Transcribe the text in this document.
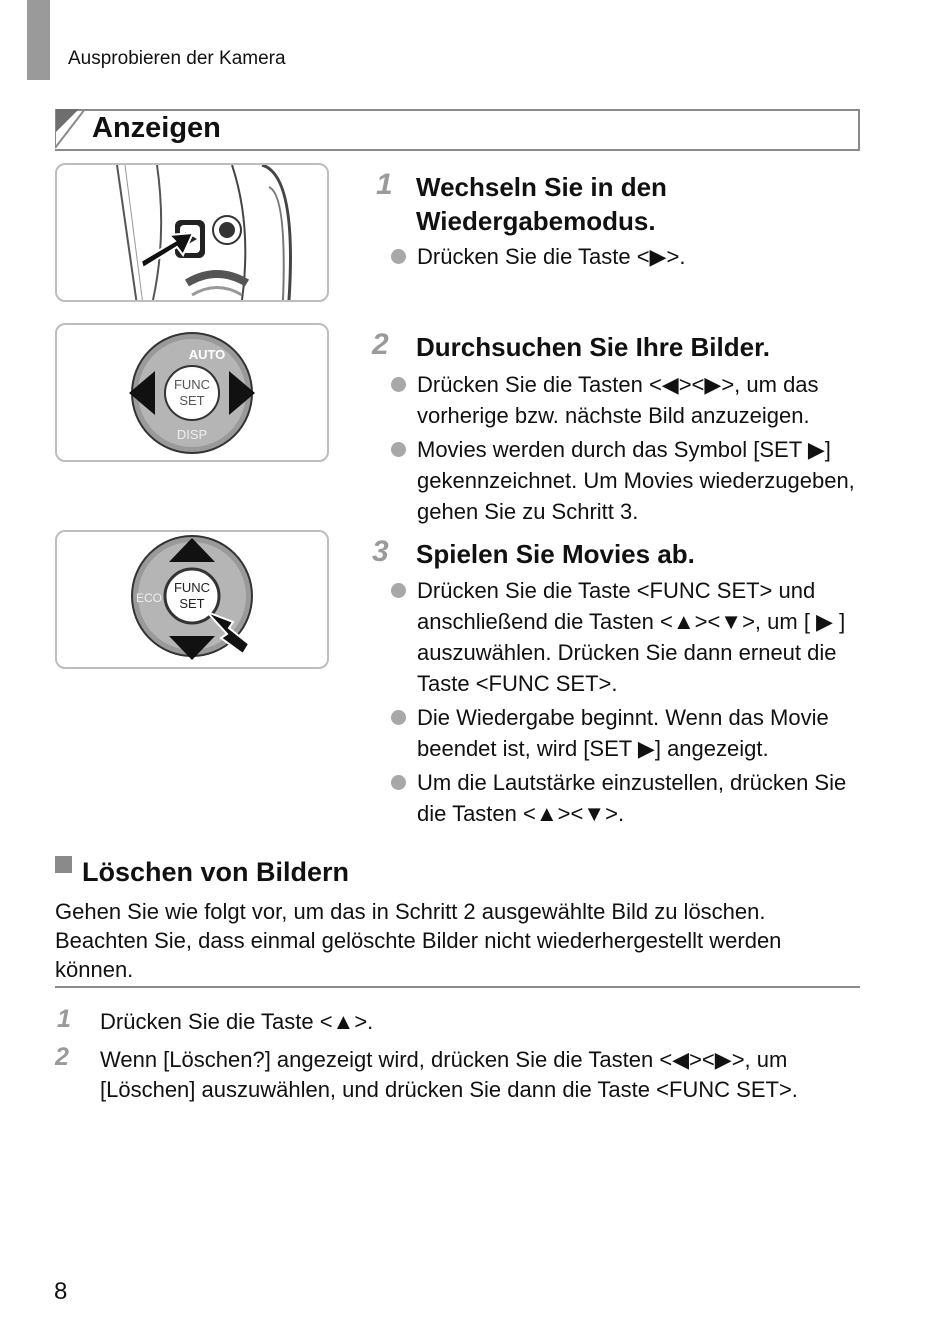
Ausprobieren der Kamera
Anzeigen
FUNC
SET
AUTO
DISP
FUNC
SET
ECO
1 Wechseln Sie in den
Wiedergabemodus.
Drücken Sie die Taste <▶>.
2 Durchsuchen Sie Ihre Bilder.
Drücken Sie die Tasten <◀><▶>, um das vorherige bzw. nächste Bild anzuzeigen.
Movies werden durch das Symbol [SET ▶] gekennzeichnet. Um Movies wiederzugeben, gehen Sie zu Schritt 3.
3 Spielen Sie Movies ab.
Drücken Sie die Taste <FUNC SET> und anschließend die Tasten <▲><▼>, um [ ▶ ] auszuwählen. Drücken Sie dann erneut die Taste <FUNC SET>.
Die Wiedergabe beginnt. Wenn das Movie beendet ist, wird [SET ▶] angezeigt.
Um die Lautstärke einzustellen, drücken Sie die Tasten <▲><▼>.
Löschen von Bildern
Gehen Sie wie folgt vor, um das in Schritt 2 ausgewählte Bild zu löschen. Beachten Sie, dass einmal gelöschte Bilder nicht wiederhergestellt werden können.
1 Drücken Sie die Taste <▲>.
2 Wenn [Löschen?] angezeigt wird, drücken Sie die Tasten <◀><▶>, um [Löschen] auszuwählen, und drücken Sie dann die Taste <FUNC SET>.
8
